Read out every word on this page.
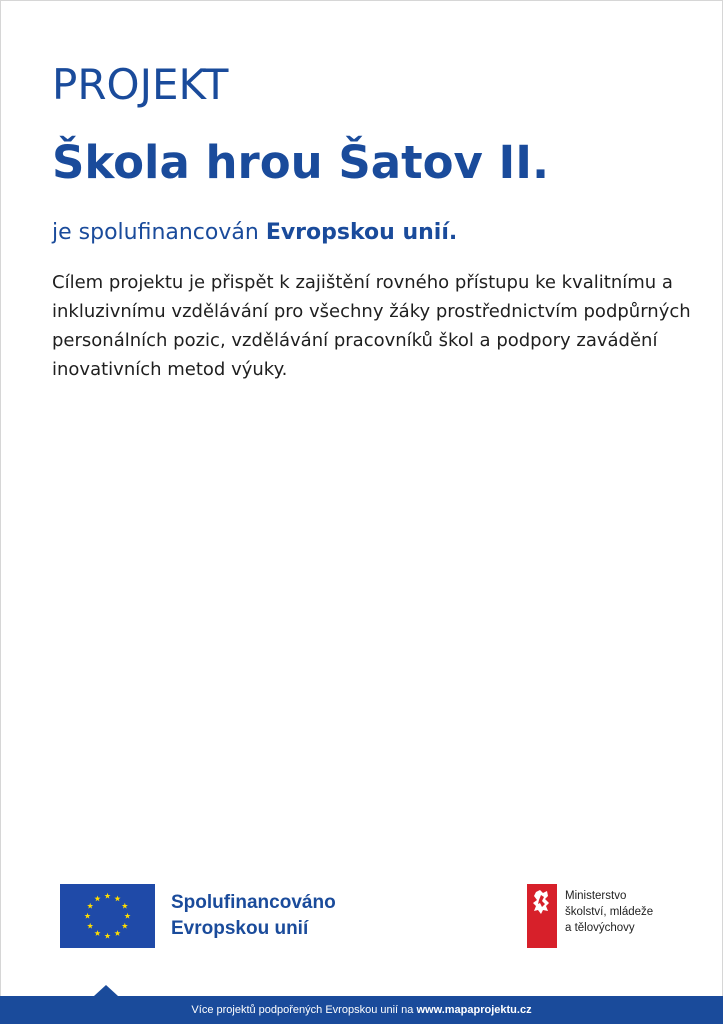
PROJEKT
Škola hrou Šatov II.

je spolufinancován Evropskou unií.

Cílem projektu je přispět k zajištění rovného přístupu ke kvalitnímu a inkluzivnímu vzdělávání pro všechny žáky prostřednictvím podpůrných personálních pozic, vzdělávání pracovníků škol a podpory zavádění inovativních metod výuky.

Spolufinancováno
Evropskou unií
Ministerstvo
školství, mládeže
a tělovýchovy
Více projektů podpořených Evropskou unií na www.mapaprojektu.cz
